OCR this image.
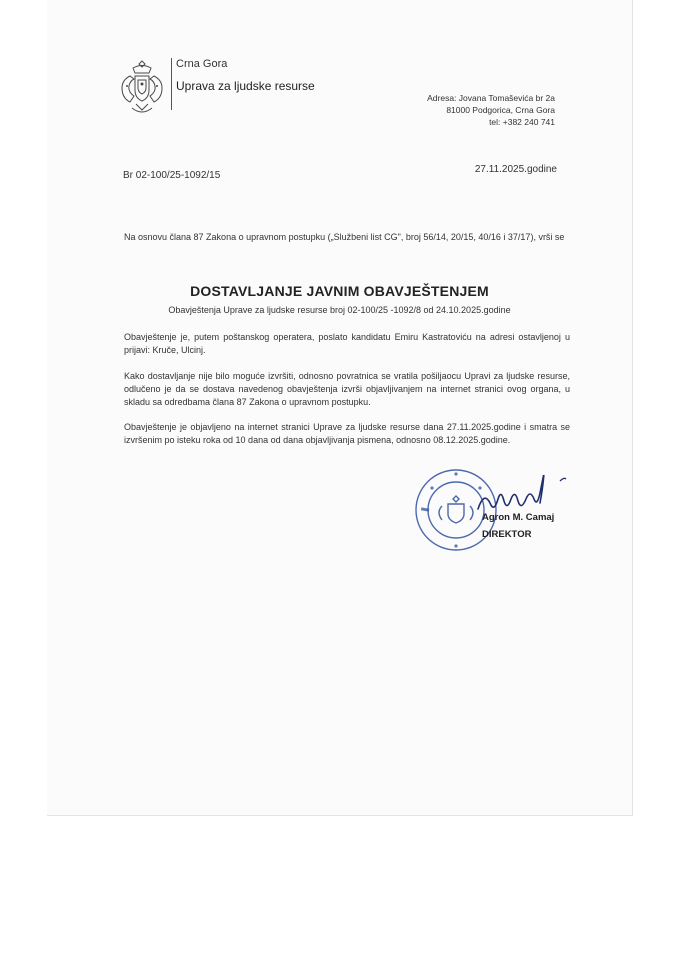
Crna Gora
Uprava za ljudske resurse
Adresa: Jovana Tomaševića br 2a
81000 Podgorica, Crna Gora
tel: +382 240 741
27.11.2025.godine
Br 02-100/25-1092/15
Na osnovu člana 87 Zakona o upravnom postupku („Službeni list CG", broj 56/14, 20/15, 40/16 i 37/17), vrši se
DOSTAVLJANJE JAVNIM OBAVJEŠTENJEM
Obavještenja Uprave za ljudske resurse broj 02-100/25 -1092/8 od 24.10.2025.godine
Obavještenje je, putem poštanskog operatera, poslato kandidatu Emiru Kastratoviću na adresi ostavljenoj u prijavi: Kruče, Ulcinj.
Kako dostavljanje nije bilo moguće izvršiti, odnosno povratnica se vratila pošiljaocu Upravi za ljudske resurse, odlučeno je da se dostava navedenog obavještenja izvrši objavljivanjem na internet stranici ovog organa, u skladu sa odredbama člana 87 Zakona o upravnom postupku.
Obavještenje je objavljeno na internet stranici Uprave za ljudske resurse dana 27.11.2025.godine i smatra se izvršenim po isteku roka od 10 dana od dana objavljivanja pismena, odnosno 08.12.2025.godine.
Agron M. Camaj
DIREKTOR
